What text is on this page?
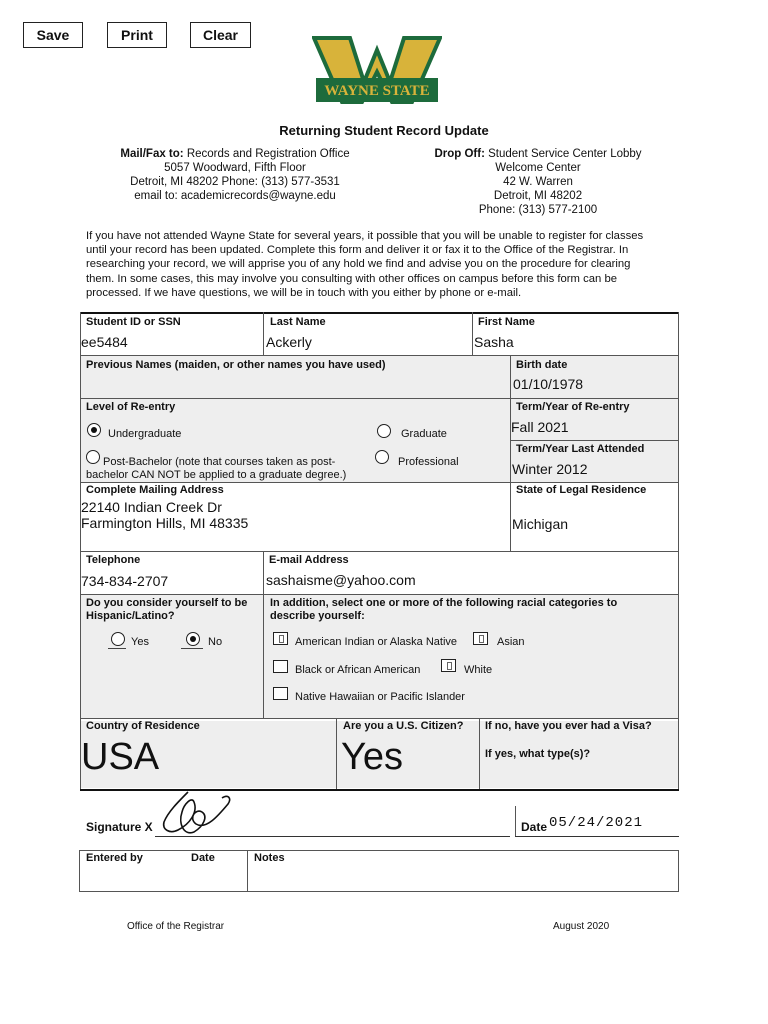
Save	Print	Clear
WAYNE STATE
Returning Student Record Update
Mail/Fax to: Records and Registration Office
5057 Woodward, Fifth Floor
Detroit, MI 48202 Phone: (313) 577-3531
email to: academicrecords@wayne.edu
Drop Off: Student Service Center Lobby
Welcome Center
42 W. Warren
Detroit, MI 48202
Phone: (313) 577-2100
If you have not attended Wayne State for several years, it possible that you will be unable to register for classes
until your record has been updated. Complete this form and deliver it or fax it to the Office of the Registrar. In
researching your record, we will apprise you of any hold we find and advise you on the procedure for clearing
them. In some cases, this may involve you consulting with other offices on campus before this form can be
processed. If we have questions, we will be in touch with you either by phone or e-mail.
Student ID or SSN
ee5484
Last Name
Ackerly
First Name
Sasha
Previous Names (maiden, or other names you have used)	Birth date
01/10/1978
Level of Re-entry
Undergraduate	Graduate
Post-Bachelor (note that courses taken as post-
bachelor CAN NOT be applied to a graduate degree.)
Professional
Term/Year of Re-entry
Fall 2021
Term/Year Last Attended
Winter 2012
Complete Mailing Address
22140 Indian Creek Dr
Farmington Hills, MI 48335
State of Legal Residence
Michigan
Telephone
734-834-2707
E-mail Address
sashaisme@yahoo.com
Do you consider yourself to be
Hispanic/Latino?
Yes	No
In addition, select one or more of the following racial categories to
describe yourself:
American Indian or Alaska Native	Asian
Black or African American	White
Native Hawaiian or Pacific Islander
Country of Residence
USA
Are you a U.S. Citizen?
Yes
If no, have you ever had a Visa?
If yes, what type(s)?
Signature X	Date 05/24/2021
Entered by	Date	Notes
Office of the Registrar	August 2020
